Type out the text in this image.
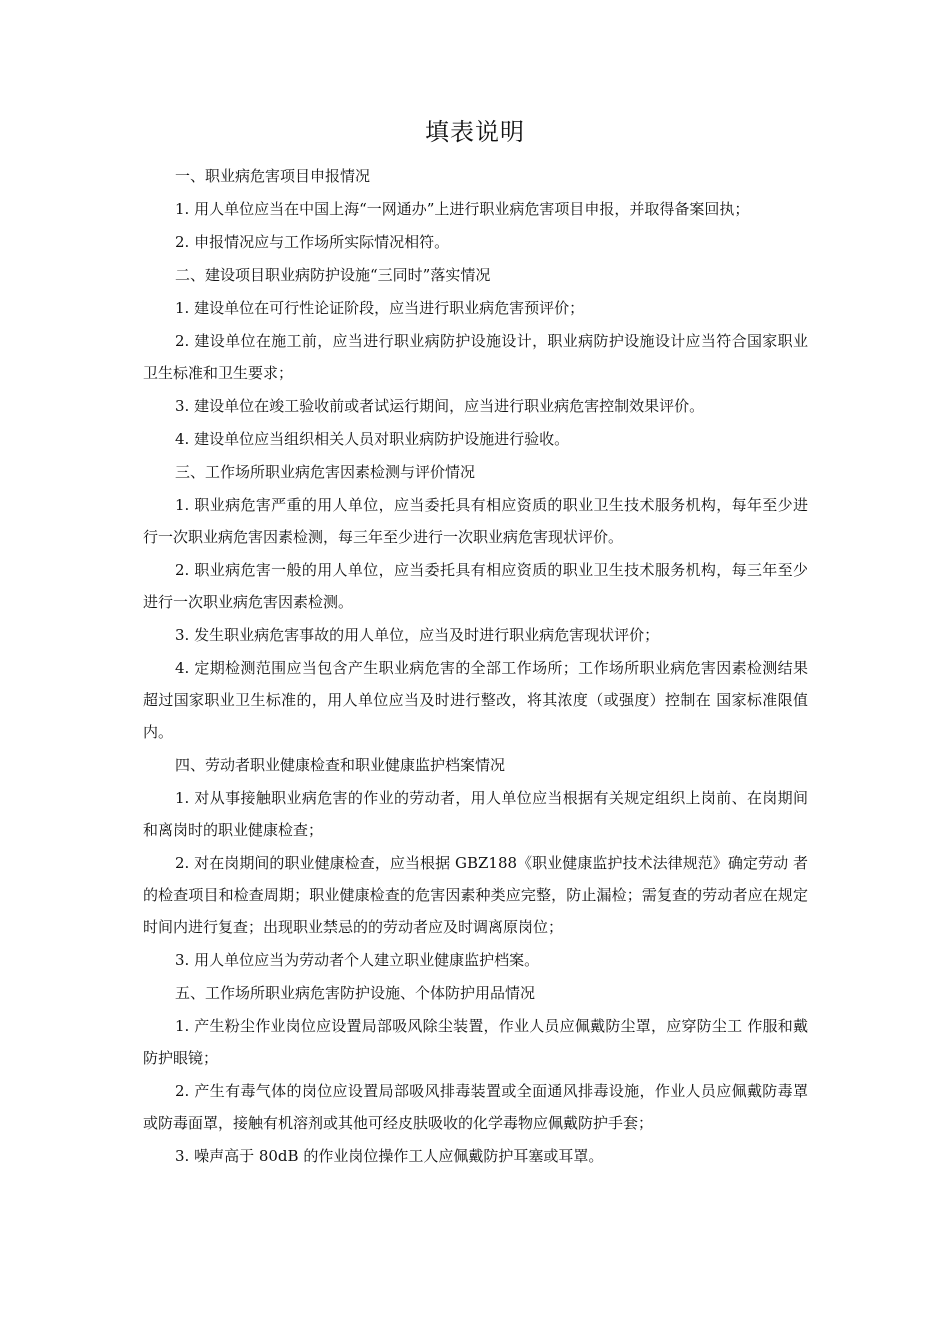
填表说明

一、职业病危害项目申报情况

1. 用人单位应当在中国上海“一网通办”上进行职业病危害项目申报，并取得备案回执；

2. 申报情况应与工作场所实际情况相符。

二、建设项目职业病防护设施“三同时”落实情况

1. 建设单位在可行性论证阶段，应当进行职业病危害预评价；

2. 建设单位在施工前，应当进行职业病防护设施设计，职业病防护设施设计应当符合国家职业卫生标准和卫生要求；

3. 建设单位在竣工验收前或者试运行期间，应当进行职业病危害控制效果评价。

4. 建设单位应当组织相关人员对职业病防护设施进行验收。

三、工作场所职业病危害因素检测与评价情况

1. 职业病危害严重的用人单位，应当委托具有相应资质的职业卫生技术服务机构，每年至少进行一次职业病危害因素检测，每三年至少进行一次职业病危害现状评价。

2. 职业病危害一般的用人单位，应当委托具有相应资质的职业卫生技术服务机构，每三年至少进行一次职业病危害因素检测。

3. 发生职业病危害事故的用人单位，应当及时进行职业病危害现状评价；

4. 定期检测范围应当包含产生职业病危害的全部工作场所；工作场所职业病危害因素检测结果超过国家职业卫生标准的，用人单位应当及时进行整改，将其浓度（或强度）控制在 国家标准限值内。

四、劳动者职业健康检查和职业健康监护档案情况

1. 对从事接触职业病危害的作业的劳动者，用人单位应当根据有关规定组织上岗前、在岗期间和离岗时的职业健康检查；

2. 对在岗期间的职业健康检查，应当根据 GBZ188《职业健康监护技术法律规范》确定劳动 者的检查项目和检查周期；职业健康检查的危害因素种类应完整，防止漏检；需复查的劳动者应在规定时间内进行复查；出现职业禁忌的的劳动者应及时调离原岗位；

3. 用人单位应当为劳动者个人建立职业健康监护档案。

五、工作场所职业病危害防护设施、个体防护用品情况

1. 产生粉尘作业岗位应设置局部吸风除尘装置，作业人员应佩戴防尘罩，应穿防尘工 作服和戴防护眼镜；

2. 产生有毒气体的岗位应设置局部吸风排毒装置或全面通风排毒设施，作业人员应佩戴防毒罩或防毒面罩，接触有机溶剂或其他可经皮肤吸收的化学毒物应佩戴防护手套；

3. 噪声高于 80dB 的作业岗位操作工人应佩戴防护耳塞或耳罩。
